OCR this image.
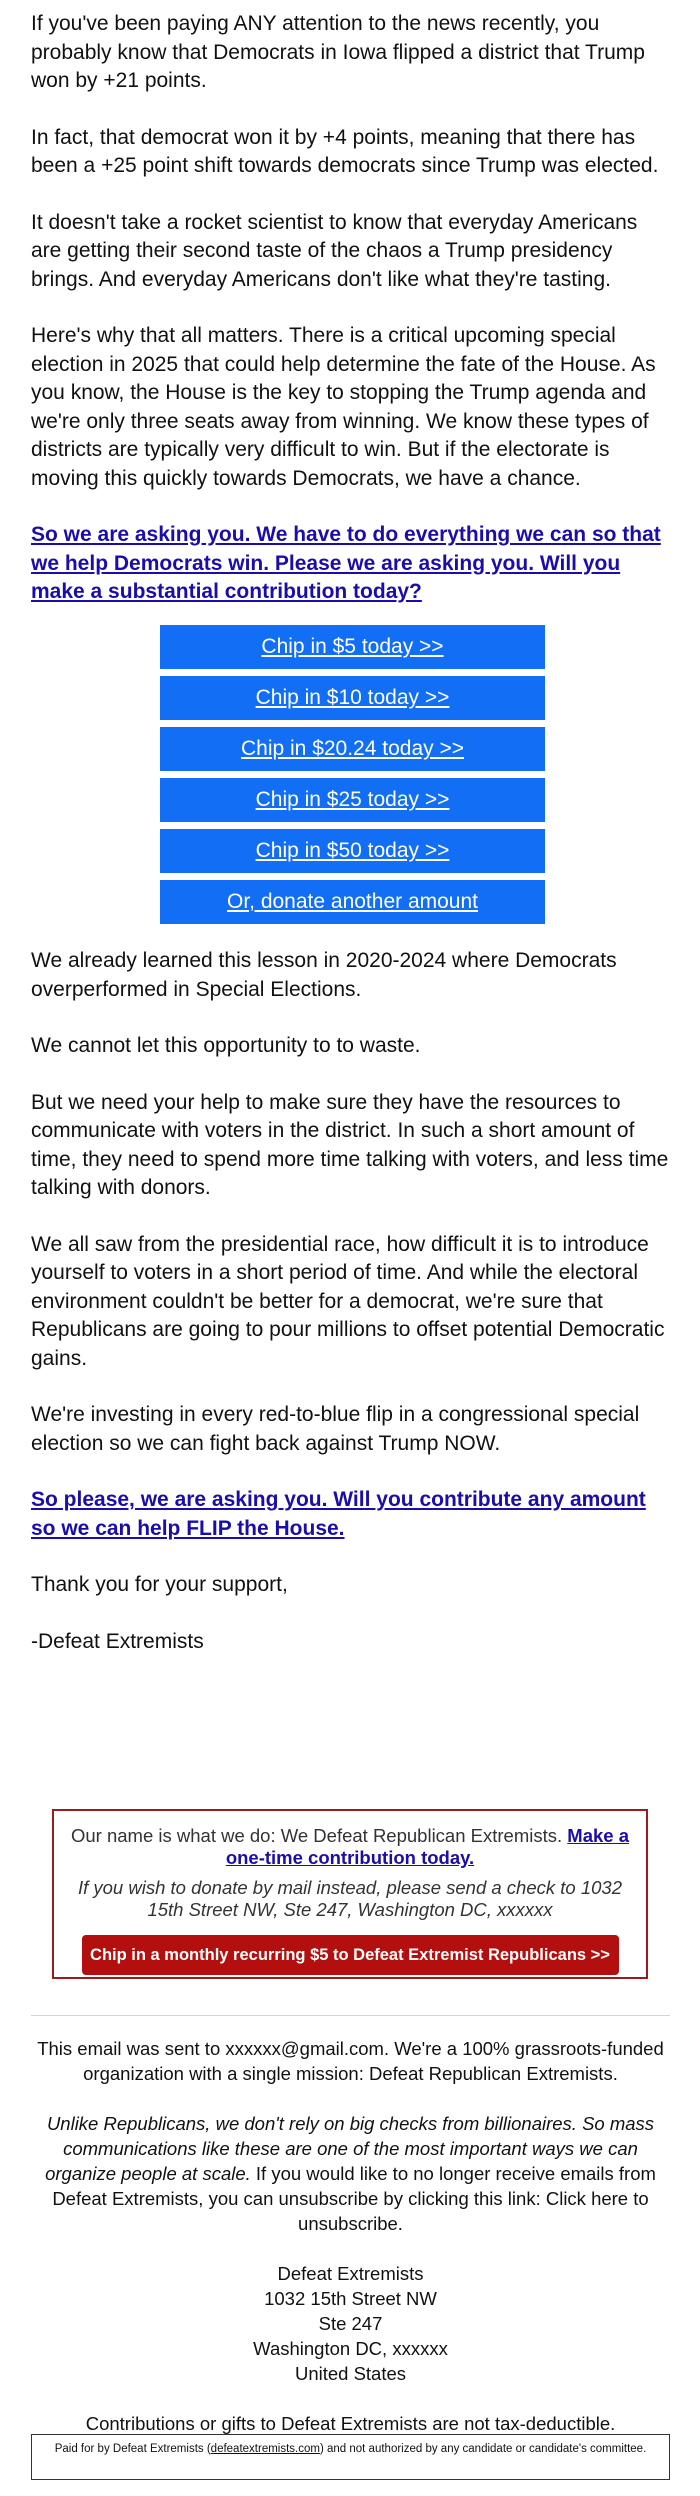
If you've been paying ANY attention to the news recently, you probably know that Democrats in Iowa flipped a district that Trump won by +21 points.

In fact, that democrat won it by +4 points, meaning that there has been a +25 point shift towards democrats since Trump was elected.

It doesn't take a rocket scientist to know that everyday Americans are getting their second taste of the chaos a Trump presidency brings. And everyday Americans don't like what they're tasting.

Here's why that all matters. There is a critical upcoming special election in 2025 that could help determine the fate of the House. As you know, the House is the key to stopping the Trump agenda and we're only three seats away from winning. We know these types of districts are typically very difficult to win. But if the electorate is moving this quickly towards Democrats, we have a chance.

So we are asking you. We have to do everything we can so that we help Democrats win. Please we are asking you. Will you make a substantial contribution today?
Chip in $5 today >>
Chip in $10 today >>
Chip in $20.24 today >>
Chip in $25 today >>
Chip in $50 today >>
Or, donate another amount

We already learned this lesson in 2020-2024 where Democrats overperformed in Special Elections.

We cannot let this opportunity to to waste.

But we need your help to make sure they have the resources to communicate with voters in the district. In such a short amount of time, they need to spend more time talking with voters, and less time talking with donors.

We all saw from the presidential race, how difficult it is to introduce yourself to voters in a short period of time. And while the electoral environment couldn't be better for a democrat, we're sure that Republicans are going to pour millions to offset potential Democratic gains.

We're investing in every red-to-blue flip in a congressional special election so we can fight back against Trump NOW.

So please, we are asking you. Will you contribute any amount so we can help FLIP the House.

Thank you for your support,

-Defeat Extremists

Our name is what we do: We Defeat Republican Extremists. Make a one-time contribution today.

If you wish to donate by mail instead, please send a check to 1032 15th Street NW, Ste 247, Washington DC, xxxxxx

Chip in a monthly recurring $5 to Defeat Extremist Republicans >>

This email was sent to xxxxxx@gmail.com. We're a 100% grassroots-funded organization with a single mission: Defeat Republican Extremists.

Unlike Republicans, we don't rely on big checks from billionaires. So mass communications like these are one of the most important ways we can organize people at scale. If you would like to no longer receive emails from Defeat Extremists, you can unsubscribe by clicking this link: Click here to unsubscribe.

Defeat Extremists

1032 15th Street NW

Ste 247

Washington DC, xxxxxx

United States

Contributions or gifts to Defeat Extremists are not tax-deductible.

Paid for by Defeat Extremists (defeatextremists.com) and not authorized by any candidate or candidate's committee.
